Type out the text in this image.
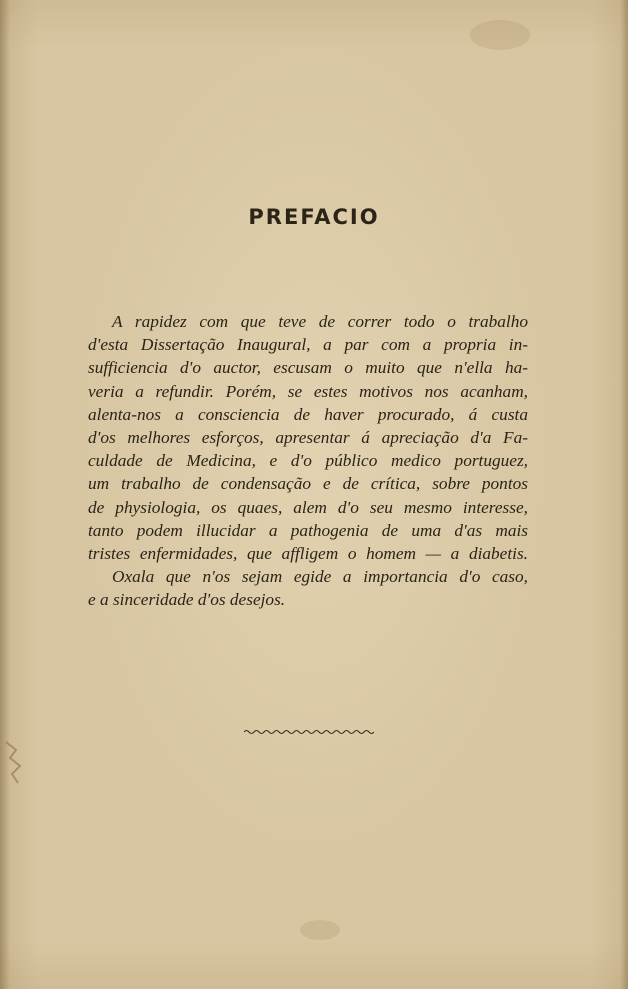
PREFACIO
A rapidez com que teve de correr todo o trabalho
d'esta Dissertação Inaugural, a par com a propria in-
sufficiencia d'o auctor, escusam o muito que n'ella ha-
veria a refundir. Porém, se estes motivos nos acanham,
alenta-nos a consciencia de haver procurado, á custa
d'os melhores esforços, apresentar á apreciação d'a Fa-
culdade de Medicina, e d'o público medico portuguez,
um trabalho de condensação e de crítica, sobre pontos
de physiologia, os quaes, alem d'o seu mesmo interesse,
tanto podem illucidar a pathogenia de uma d'as mais
tristes enfermidades, que affligem o homem — a diabetis.
Oxala que n'os sejam egide a importancia d'o caso,
e a sinceridade d'os desejos.
